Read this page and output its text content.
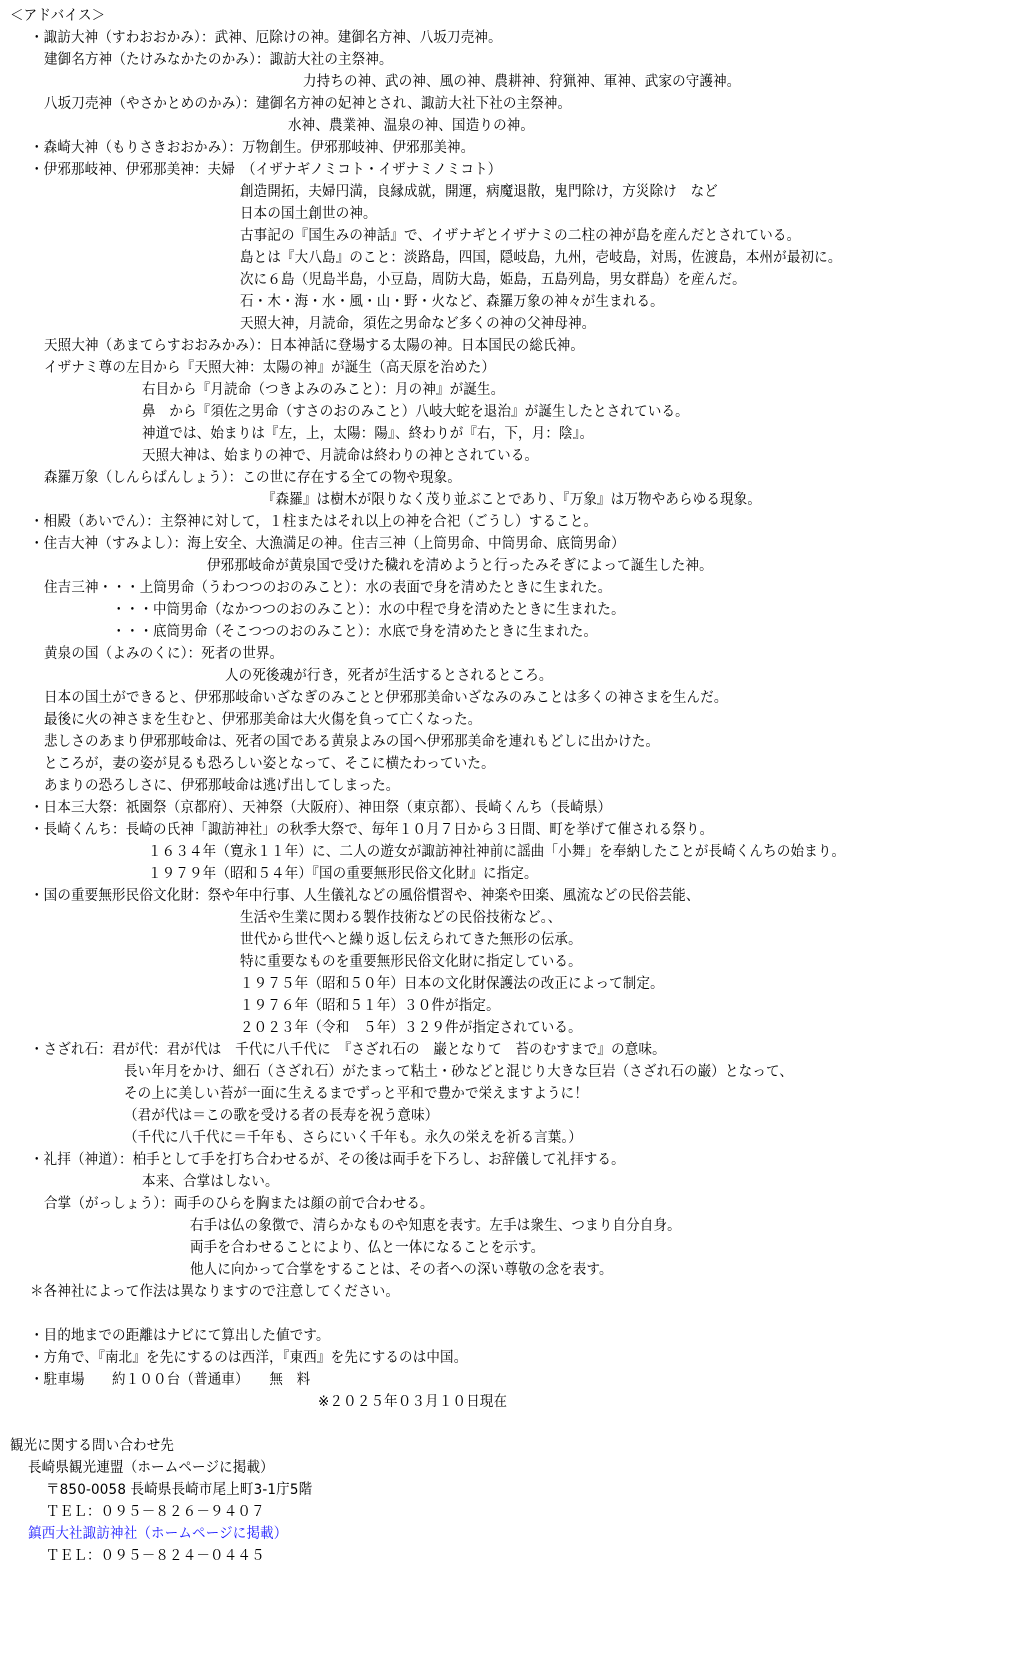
＜アドバイス＞
・諏訪大神（すわおおかみ）：武神、厄除けの神。建御名方神、八坂刀売神。
建御名方神（たけみなかたのかみ）：諏訪大社の主祭神。
力持ちの神、武の神、風の神、農耕神、狩猟神、軍神、武家の守護神。
八坂刀売神（やさかとめのかみ）：建御名方神の妃神とされ、諏訪大社下社の主祭神。
水神、農業神、温泉の神、国造りの神。
・森崎大神（もりさきおおかみ）：万物創生。伊邪那岐神、伊邪那美神。
・伊邪那岐神、伊邪那美神：夫婦　（イザナギノミコト・イザナミノミコト）
創造開拓，夫婦円満，良縁成就，開運，病魔退散，鬼門除け，方災除け　など
日本の国土創世の神。
古事記の『国生みの神話』で、イザナギとイザナミの二柱の神が島を産んだとされている。
島とは『大八島』のこと：淡路島，四国，隠岐島，九州，壱岐島，対馬，佐渡島，本州が最初に。
次に６島（児島半島，小豆島，周防大島，姫島，五島列島，男女群島）を産んだ。
石・木・海・水・風・山・野・火など、森羅万象の神々が生まれる。
天照大神，月読命，須佐之男命など多くの神の父神母神。
天照大神（あまてらすおおみかみ）：日本神話に登場する太陽の神。日本国民の総氏神。
イザナミ尊の左目から『天照大神：太陽の神』が誕生（高天原を治めた）
右目から『月読命（つきよみのみこと）：月の神』が誕生。
鼻　から『須佐之男命（すさのおのみこと）八岐大蛇を退治』が誕生したとされている。
神道では、始まりは『左，上，太陽：陽』、終わりが『右，下，月：陰』。
天照大神は、始まりの神で、月読命は終わりの神とされている。
森羅万象（しんらばんしょう）：この世に存在する全ての物や現象。
『森羅』は樹木が限りなく茂り並ぶことであり、『万象』は万物やあらゆる現象。
・相殿（あいでん）：主祭神に対して，１柱またはそれ以上の神を合祀（ごうし）すること。
・住吉大神（すみよし）：海上安全、大漁満足の神。住吉三神（上筒男命、中筒男命、底筒男命）
伊邪那岐命が黄泉国で受けた穢れを清めようと行ったみそぎによって誕生した神。
住吉三神・・・上筒男命（うわつつのおのみこと）：水の表面で身を清めたときに生まれた。
・・・中筒男命（なかつつのおのみこと）：水の中程で身を清めたときに生まれた。
・・・底筒男命（そこつつのおのみこと）：水底で身を清めたときに生まれた。
黄泉の国（よみのくに）：死者の世界。
人の死後魂が行き，死者が生活するとされるところ。
日本の国土ができると、伊邪那岐命いざなぎのみことと伊邪那美命いざなみのみことは多くの神さまを生んだ。
最後に火の神さまを生むと、伊邪那美命は大火傷を負って亡くなった。
悲しさのあまり伊邪那岐命は、死者の国である黄泉よみの国へ伊邪那美命を連れもどしに出かけた。
ところが，妻の姿が見るも恐ろしい姿となって、そこに横たわっていた。
あまりの恐ろしさに、伊邪那岐命は逃げ出してしまった。
・日本三大祭：祇園祭（京都府）、天神祭（大阪府）、神田祭（東京都）、長崎くんち（長崎県）
・長崎くんち：長崎の氏神「諏訪神社」の秋季大祭で、毎年１０月７日から３日間、町を挙げて催される祭り。
１６３４年（寛永１１年）に、二人の遊女が諏訪神社神前に謡曲「小舞」を奉納したことが長崎くんちの始まり。
１９７９年（昭和５４年）『国の重要無形民俗文化財』に指定。
・国の重要無形民俗文化財：祭や年中行事、人生儀礼などの風俗慣習や、神楽や田楽、風流などの民俗芸能、
生活や生業に関わる製作技術などの民俗技術など。、
世代から世代へと繰り返し伝えられてきた無形の伝承。
特に重要なものを重要無形民俗文化財に指定している。
１９７５年（昭和５０年）日本の文化財保護法の改正によって制定。
１９７６年（昭和５１年）３０件が指定。
２０２３年（令和　５年）３２９件が指定されている。
・さざれ石：君が代：君が代は　千代に八千代に　『さざれ石の　巌となりて　苔のむすまで』の意味。
長い年月をかけ、細石（さざれ石）がたまって粘土・砂などと混じり大きな巨岩（さざれ石の巌）となって、
その上に美しい苔が一面に生えるまでずっと平和で豊かで栄えますように！
（君が代は＝この歌を受ける者の長寿を祝う意味）
（千代に八千代に＝千年も、さらにいく千年も。永久の栄えを祈る言葉。）
・礼拝（神道）：柏手として手を打ち合わせるが、その後は両手を下ろし、お辞儀して礼拝する。
本来、合掌はしない。
合掌（がっしょう）：両手のひらを胸または顔の前で合わせる。
右手は仏の象徴で、清らかなものや知恵を表す。左手は衆生、つまり自分自身。
両手を合わせることにより、仏と一体になることを示す。
他人に向かって合掌をすることは、その者への深い尊敬の念を表す。
＊各神社によって作法は異なりますので注意してください。
・目的地までの距離はナビにて算出した値です。
・方角で、『南北』を先にするのは西洋，『東西』を先にするのは中国。
・駐車場　　約１００台（普通車）　　無　料
※２０２５年０３月１０日現在
観光に関する問い合わせ先
長崎県観光連盟（ホームページに掲載）
〒850-0058 長崎県長崎市尾上町3-1庁5階
ＴＥＬ：０９５－８２６－９４０７
鎮西大社諏訪神社（ホームページに掲載）
ＴＥＬ：０９５－８２４－０４４５
